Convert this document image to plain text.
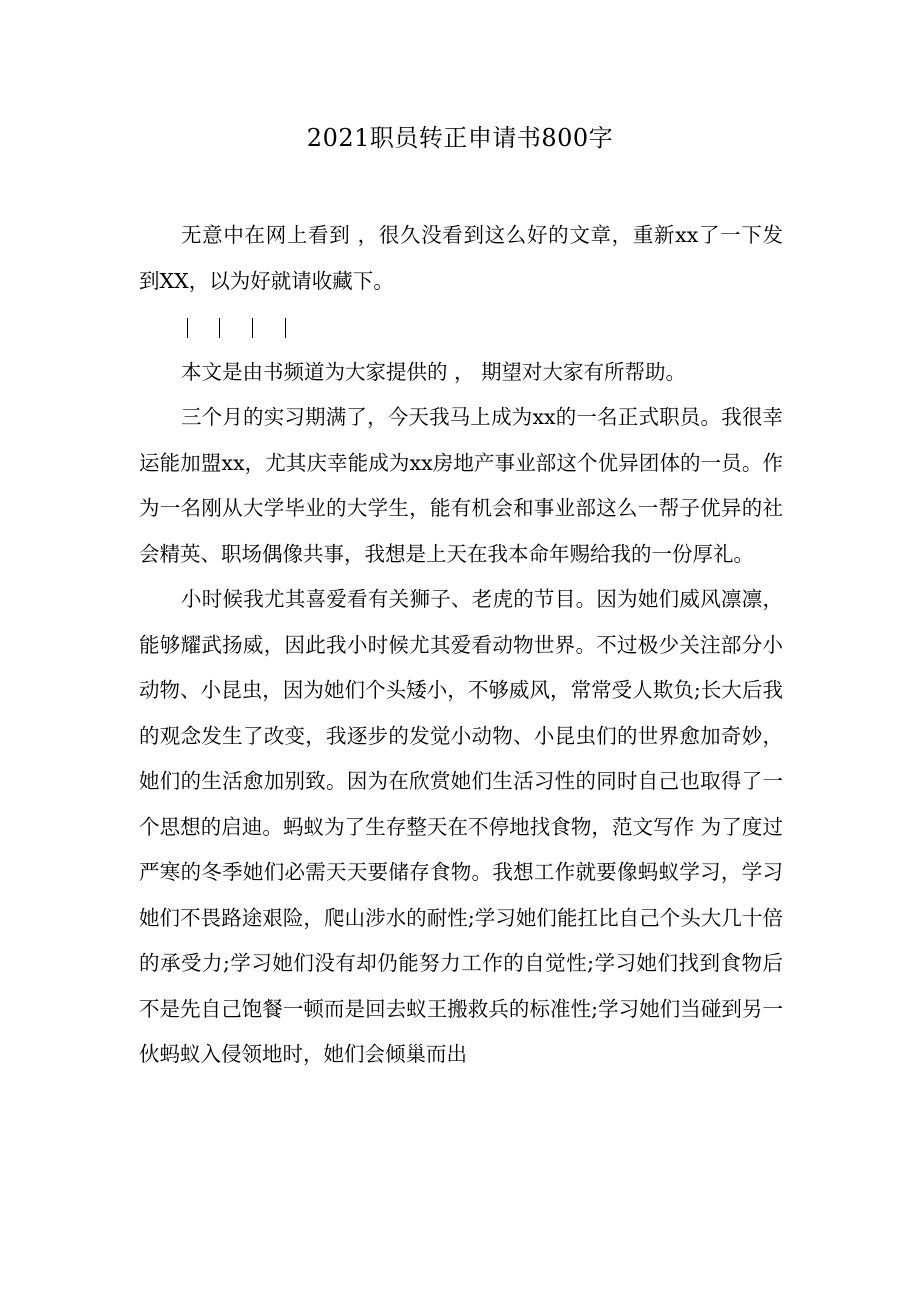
2021职员转正申请书800字

无意中在网上看到 ，很久没看到这么好的文章，重新xx了一下发到XX，以为好就请收藏下。

本文是由书频道为大家提供的 ， 期望对大家有所帮助。

三个月的实习期满了，今天我马上成为xx的一名正式职员。我很幸运能加盟xx，尤其庆幸能成为xx房地产事业部这个优异团体的一员。作为一名刚从大学毕业的大学生，能有机会和事业部这么一帮子优异的社会精英、职场偶像共事，我想是上天在我本命年赐给我的一份厚礼。

小时候我尤其喜爱看有关狮子、老虎的节目。因为她们威风凛凛，能够耀武扬威，因此我小时候尤其爱看动物世界。不过极少关注部分小动物、小昆虫，因为她们个头矮小，不够威风，常常受人欺负;长大后我的观念发生了改变，我逐步的发觉小动物、小昆虫们的世界愈加奇妙，她们的生活愈加别致。因为在欣赏她们生活习性的同时自己也取得了一个思想的启迪。蚂蚁为了生存整天在不停地找食物，范文写作 为了度过严寒的冬季她们必需天天要储存食物。我想工作就要像蚂蚁学习，学习她们不畏路途艰险，爬山涉水的耐性;学习她们能扛比自己个头大几十倍的承受力;学习她们没有却仍能努力工作的自觉性;学习她们找到食物后不是先自己饱餐一顿而是回去蚁王搬救兵的标准性;学习她们当碰到另一伙蚂蚁入侵领地时，她们会倾巢而出
